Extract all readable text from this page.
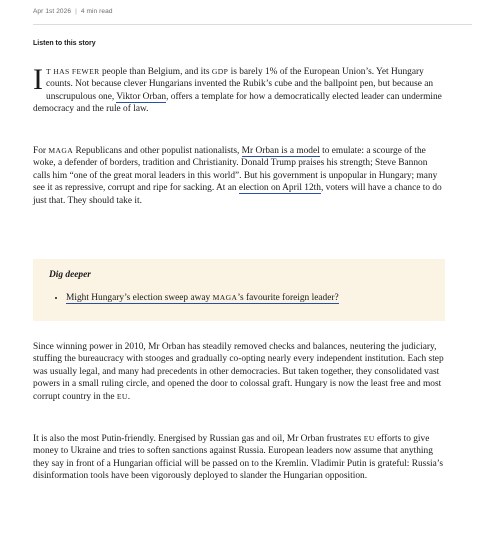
Apr 1st 2026 | 4 min read
Listen to this story

IT HAS FEWER people than Belgium, and its GDP is barely 1% of the European Union’s. Yet Hungary counts. Not because clever Hungarians invented the Rubik’s cube and the ballpoint pen, but because an unscrupulous one, Viktor Orban, offers a template for how a democratically elected leader can undermine democracy and the rule of law.

For MAGA Republicans and other populist nationalists, Mr Orban is a model to emulate: a scourge of the woke, a defender of borders, tradition and Christianity. Donald Trump praises his strength; Steve Bannon calls him “one of the great moral leaders in this world”. But his government is unpopular in Hungary; many see it as repressive, corrupt and ripe for sacking. At an election on April 12th, voters will have a chance to do just that. They should take it.

Dig deeper
• Might Hungary’s election sweep away MAGA’s favourite foreign leader?

Since winning power in 2010, Mr Orban has steadily removed checks and balances, neutering the judiciary, stuffing the bureaucracy with stooges and gradually co-opting nearly every independent institution. Each step was usually legal, and many had precedents in other democracies. But taken together, they consolidated vast powers in a small ruling circle, and opened the door to colossal graft. Hungary is now the least free and most corrupt country in the EU.

It is also the most Putin-friendly. Energised by Russian gas and oil, Mr Orban frustrates EU efforts to give money to Ukraine and tries to soften sanctions against Russia. European leaders now assume that anything they say in front of a Hungarian official will be passed on to the Kremlin. Vladimir Putin is grateful: Russia’s disinformation tools have been vigorously deployed to slander the Hungarian opposition.
